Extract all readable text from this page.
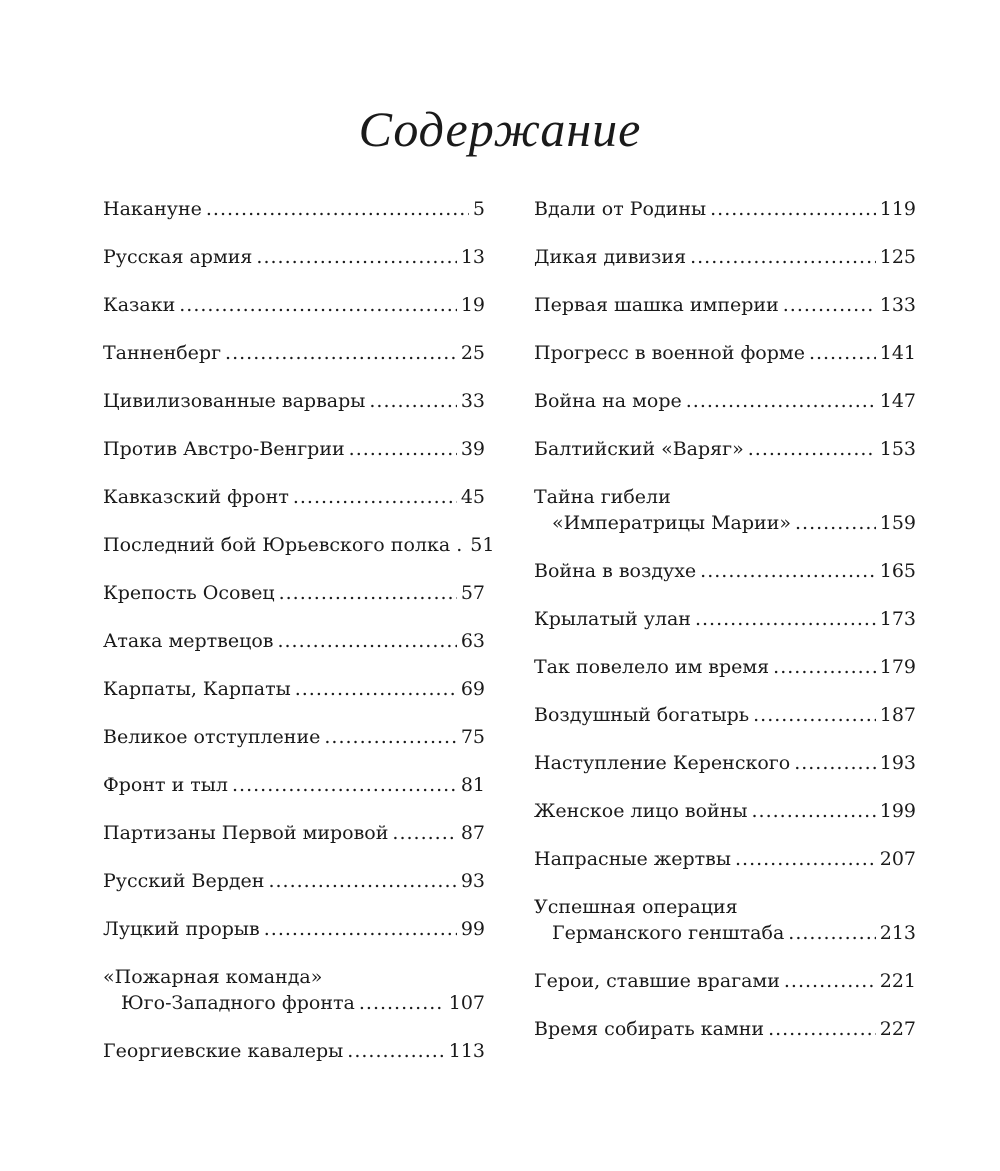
Содержание
Накануне .....	5
Русская армия .....	13
Казаки .....	19
Танненберг .....	25
Цивилизованные варвары .....	33
Против Австро-Венгрии .....	39
Кавказский фронт .....	45
Последний бой Юрьевского полка . 51
Крепость Осовец .....	57
Атака мертвецов .....	63
Карпаты, Карпаты .....	69
Великое отступление .....	75
Фронт и тыл .....	81
Партизаны Первой мировой .....	87
Русский Верден .....	93
Луцкий прорыв .....	99
«Пожарная команда»
Юго-Западного фронта .....	107
Георгиевские кавалеры .....	113
Вдали от Родины .....	119
Дикая дивизия .....	125
Первая шашка империи .....	133
Прогресс в военной форме .....	141
Война на море .....	147
Балтийский «Варяг» .....	153
Тайна гибели
«Императрицы Марии» .....	159
Война в воздухе .....	165
Крылатый улан .....	173
Так повелело им время .....	179
Воздушный богатырь .....	187
Наступление Керенского .....	193
Женское лицо войны .....	199
Напрасные жертвы .....	207
Успешная операция
Германского генштаба .....	213
Герои, ставшие врагами .....	221
Время собирать камни .....	227
